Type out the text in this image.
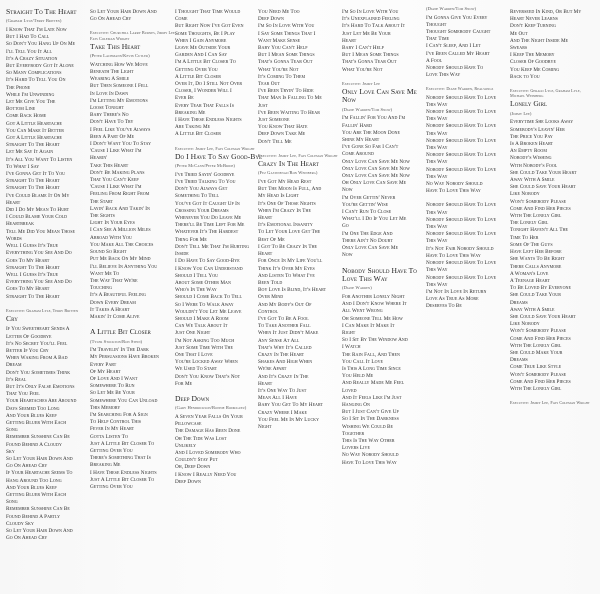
Straight To The Heart
(Graham Lyle/Terry Britten)
I Know That I'm Late Now
But I Had To Call
So Don't You Hang Up On Me
I'll Tell You It All
It's A Crazy Situation
But Everybody Got It Alone
So Many Complications
It's Hard To Tell You On
The Phone
While I'm Unwinding
Let Me Give You The
Bottom Line
Come Back Home
Got A Little Heartache
You Can Make It Better
Got A Little Heartache
Straight To The Heart
Let Me Say It Again
It's All You Want To Listen
To What I Say
I've Gonna Get It To You
Straight To The Heart
Straight To The Heart
I've Could Blame It On My
Heart
Did I Do My Mean To Hurt
I Could Blame Your Cold
Heartbreak
Tell Me Did You Mean Those
Words
Well I Guess It's True
Everything You See And Do
Goes To My Heart
Straight To The Heart
Well I Guess It's True
Everything You See And Do
Goes To My Heart
Straight To The Heart
Executive: Graham Lyle, Terry Britten
Cry
If You Sweetheart Sends A
Letter Of Goodbye
It's No Secret You'll Feel
Better If You Cry
When Waking From A Bad
Dream
Don't You Sometimes Think
It's Real
But It's Only False Emotions
That You Feel
Your Heartaches Are Around
Days Seemed Too Long
And Your Blues Keep
Getting Bluer With Each
Song
Remember Sunshine Can Be
Found Behind A Cloudy
Sky
So Let Your Hair Down And
Go On Ahead Cry
If Your Heartache Seems To
Hang Around Too Long
And Your Blues Keep
Getting Bluer With Each
Song
Remember Sunshine Can Be
Found Behind A Partly
Cloudy Sky
So Let Your Hair Down And
Go On Ahead Cry
So Let Your Hair Down And
Go On Ahead Cry
Executive: Churchill Larry Burnes, Jimmy Lee, Fats Coleman Wright
Take This Heart
(Peter Lachmann/Kevin Cutler)
Watching How We Move
Beneath The Light
Wearing A Smile
But Then Someone I Fell
In Love In Dawn
I'm Letting My Emotions
Loose Tonight
Baby There's No
Don't Have To Try
I Feel Like You've Always
Been A Part Of Me
I Don't Want You To Stay
'Cause I Like What I'm
Hearin'
Take This Heart
Don't Be Making Plans
That You Can't Keep
'Cause I Like What I'm
Feeling From Right From
The Start
Layin' Back And Takin' In
The Sights
Light In Your Eyes
I Can See A Million Miles
Abroad With You
You Make All The Choices
Sound So Right
Put Me Back On My Mind
I'll Believe In Anything You
Want Me To
The Way That We're
Touching
It's A Beautiful Feeling
Down Every Dream
It Takes A Heart
Makin' It Come Alive
A Little Bit Closer
(Tyler Stockton/Ron Stein)
I'm Travelin' In The Dark
My Persuasions Have Broken
Every Part
Of My Heart
Of Love And I Want
Somewhere To Run
So Let Me Be Your
Somewhere You Can Unload
This Memory
I'm Searching For A Sign
To Help Control This
Fever In My Heart
Gotta Listen To
Just A Little Bit Closer To
Getting Over You
There's Something That Is
Breaking Me
I Have These Endless Nights
Just A Little Bit Closer To
Getting Over You
I Thought That Time Would
Come
But Right Now I've Got Even
Some Thoughts, Be I Play
When I Gain Anymore
Leave Me Outside Your
Garden And I Can Say
I'm A Little Bit Closer To
Getting Over You
A Little Bit Closer
Over It, Do I Still Not Over
Closer, I Wonder Will I
Ever Be
Every Tear That Falls Is
Breaking Me
I Have These Endless Nights
Are Taking Me
A Little Bit Closer
Executive: Jimmy Lee, Fats Coleman Wright
Do I Have To Say Good-Bye
(Peter McCann/Peter McBride)
I've Tried Sayin' Goodbye
I've Tried Talking To You
Don't You Always Get
Something To Tell
You've Got It Caught Up In
Crossing Your Dreams
Whenever You Do Leave Me
There'll Be Time Left For Me
Whatever It's The Hardest
Thing For Me
Don't Tell Me That I'm Hurting
Inside
I Do Have To Say Good-Bye
I Know You Can Understand
Should I Tell You
About Some Other Man
Who's In The Way
Should I Come Back To Tell
So I Were To Walk Away
Wouldn't You Let Me Leave
Should I Make A Room
Can We Talk About It
Just One Night
I'm Not Asking Too Much
Just Some Time With The
One That I Love
You're Locked Away When
We Used To Start
Don't You Know That's Not
For Me
Deep Down
(Gary Hendrickson/Ronnie Rodriguez)
A Seven Year Falls On Your
Pillowcase
The Damage Has Been Done
Oh The Tide Was Lost
Unlikely
And I Loved Somebody Who
Couldn't Stay Put
Oh, Deep Down
I Know I Really Need You
Deep Down
You Need Me Too
Deep Down
I'm So In Love With You
I Say Some Things That I
Want Make Sense
Baby You Can't Help
But I Mean Some Things
That's Gonna Tear Out
What You're Not
It's Coming To Them
Tear Out
I've Been Tryin' To Hide
That Man Is Falling To Me
Just
I've Been Waiting To Hear
Just Someone
You Know That Hate
Deep Down Take Me
Don't Tell Me
Executive: Jimmy Lee, Fats Coleman Wright
Crazy In The Heart
(Fez Gastinenau/Ron Weinberg)
I've Got My Head Rest
But The Moon Is Full, And
My Head Is Light
It's One Of Those Nights
When I'm Crazy In The
Heart
It's Emotional Insanity
To Let Your Love Get The
Best Of Me
I Got To Be Crazy In The
Heart
For Once In My Life You'll
Think It's Over My Eyes
And Listen To What I've
Been Told
Boy Love Is Blind, It's Heart
Over Mind
And My Body's Out Of
Control
I've Got To Be A Fool
To Take Another Fall
When It Just Didn't Make
Any Sense At All
That's Why It's Called
Crazy In The Heart
Shakes And High When
We're Apart
And It's Crazy In The
Heart
It's One Way To Just
Mean All I Have
Baby You Get To My Heart
Crazy Where I Make
You Feel Me In My Lucky
Night
I'm So In Love With You
It's Unexplained Feeling
It's Hard To Talk About It
Just Let Me Be Your
Heart
Baby I Can't Help
But I Mean Some Things
That's Gonna Tear Out
What You're Not
Executive: Jimmy Lee
Only Love Can Save Me Now
(Diane Warren/Tom Snow)
I'm Fallin' For You And I'm
Fallin' Hard
You Are The Moon Done
Shine My Heart
I've Gone So Far I Can't
Come Around
Only Love Can Save Me Now
Only Love Can Save Me Now
Only Love Can Save Me Now
Oh Only Love Can Save Me
Now
I'm Over Gettin' Never
You're Gettin' Wise
I Can't Run To Close
What'll I Do If You Let Me
Go
I'm One The Edge And
There Ain't No Doubt
Only Love Can Save Me
Now
Nobody Should Have To Love This Way
(Diane Warren)
For Another Lonely Night
And I Don't Know Where It
All Went Wrong
Oh Someone Tell Me How
I Can Make It Make It
Right
So I Sit By The Window And
I Watch
The Rain Fall, And Then
You Call It Love
Is This A Long Time Since
You Held Me
And Really Made Me Feel
Loved
And It Feels Like I'm Just
Hanging On
But I Just Can't Give Up
So I Sit In The Darkness
Wishing We Could Be
Together
This Is The Way Other
Lovers Live
No Way Nobody Should
Have To Love This Way
(Diane Warren/Tom Snow)
I'm Gonna Give You Every
Thought
Thought Somebody Caught
That Time
I Can't Sleep, And I Let
I've Been Called My Heart
A Fool
Nobody Should Have To
Love This Way
Executive: Diane Warren, Realsongs
Nobody Should Have To Love
This Way
Nobody Should Have To Love
This Way
Nobody Should Have To Love
This Way
Nobody Should Have To Love
This Way
Nobody Should Have To Love
This Way
Nobody Should Have To Love
This Way
No Way Nobody Should
Have To Love This Way
Nobody Should Have To Love
This Way
Nobody Should Have To Love
This Way
Nobody Should Have To Love
This Way
It's Not Fair Nobody Should
Have To Love This Way
Nobody Should Have To Love
This Way
Nobody Should Have To Love
This Way
I'm Not In Love In Return
Love As True As More
Deserves To Be
Reverseed In Kind, Or But My
Heart Never Learns
Don't Keep Turning
Me Out
And The Night Inside Me
Swears
I Keep The Memory
Closer Of Goodbye
You Keep Me Coming
Back to You
Executive: Gerald Lyle, Graham Lyle, Michael Weinberg
Lonely Girl
(Jimmy Lee)
Everytime She Looks Away
Somebody's Leavin' Her
The Price You Pay
Is A Broken Heart
An Empty Room
Nobody's Wishing
With Nobody's Fool
She Could Take Your Heart
Away With A Smile
She Could Save Your Heart
Like Nobody
Won't Somebody Please
Come And Find Her Pieces
With The Lonely Girl
The Lonely Girl
Tonight Haven't All The
Time To Her
Some Of The Guys
Have Left Her Before
She Wants To Be Right
There Calls Anymore
A Woman's Love
A Teenage Heart
To Be Loved By Everyone
She Could Take Your
Dreams
Away With A Smile
She Could Save Your Heart
Like Nobody
Won't Somebody Please
Come And Find Her Pieces
With The Lonely Girl
She Could Make Your
Dreams
Come True Like Style
Won't Somebody Please
Come And Find Her Pieces
With The Lonely Girl
Executive: Jimmy Lee, Fats Coleman Wright
